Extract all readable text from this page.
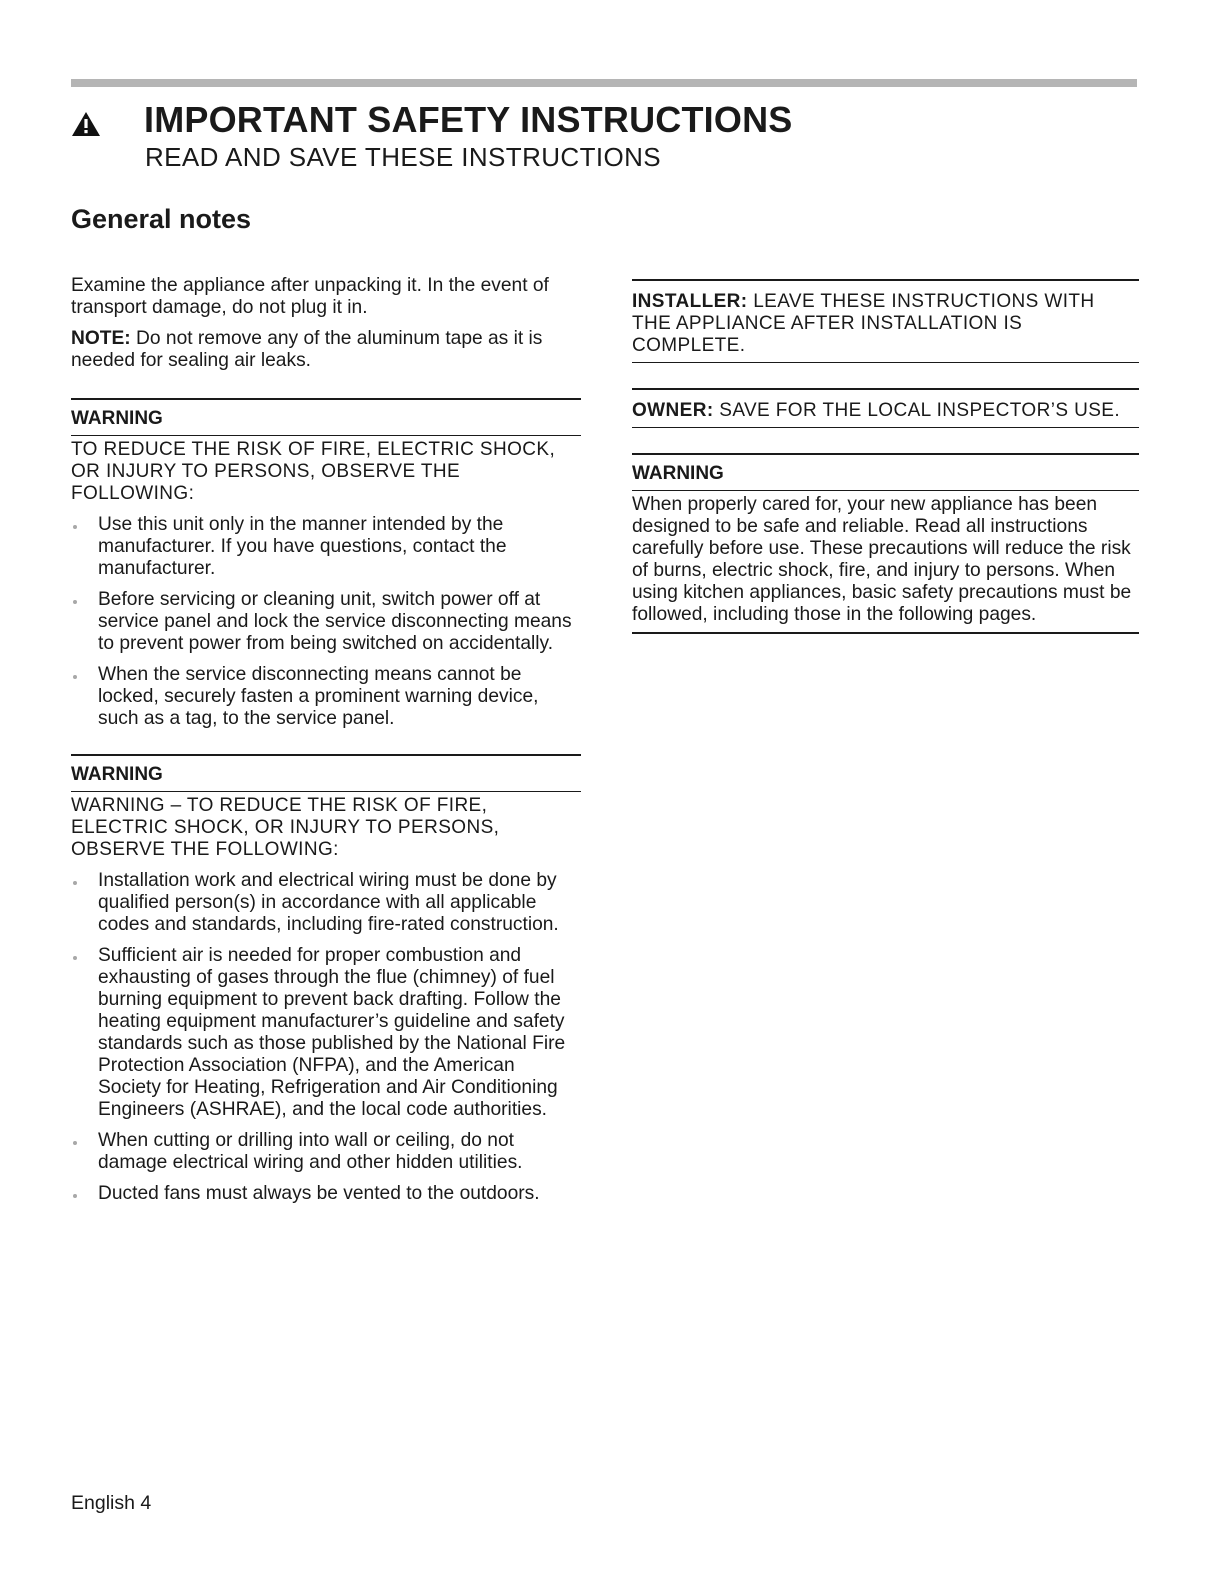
IMPORTANT SAFETY INSTRUCTIONS
READ AND SAVE THESE INSTRUCTIONS
General notes

Examine the appliance after unpacking it. In the event of transport damage, do not plug it in.

NOTE: Do not remove any of the aluminum tape as it is needed for sealing air leaks.

WARNING
TO REDUCE THE RISK OF FIRE, ELECTRIC SHOCK, OR INJURY TO PERSONS, OBSERVE THE FOLLOWING:
Use this unit only in the manner intended by the manufacturer. If you have questions, contact the manufacturer.
Before servicing or cleaning unit, switch power off at service panel and lock the service disconnecting means to prevent power from being switched on accidentally.
When the service disconnecting means cannot be locked, securely fasten a prominent warning device, such as a tag, to the service panel.
WARNING
WARNING – TO REDUCE THE RISK OF FIRE, ELECTRIC SHOCK, OR INJURY TO PERSONS, OBSERVE THE FOLLOWING:
Installation work and electrical wiring must be done by qualified person(s) in accordance with all applicable codes and standards, including fire-rated construction.
Sufficient air is needed for proper combustion and exhausting of gases through the flue (chimney) of fuel burning equipment to prevent back drafting. Follow the heating equipment manufacturer’s guideline and safety standards such as those published by the National Fire Protection Association (NFPA), and the American Society for Heating, Refrigeration and Air Conditioning Engineers (ASHRAE), and the local code authorities.
When cutting or drilling into wall or ceiling, do not damage electrical wiring and other hidden utilities.
Ducted fans must always be vented to the outdoors.
INSTALLER: LEAVE THESE INSTRUCTIONS WITH THE APPLIANCE AFTER INSTALLATION IS COMPLETE.
OWNER: SAVE FOR THE LOCAL INSPECTOR’S USE.
WARNING
When properly cared for, your new appliance has been designed to be safe and reliable. Read all instructions carefully before use. These precautions will reduce the risk of burns, electric shock, fire, and injury to persons. When using kitchen appliances, basic safety precautions must be followed, including those in the following pages.
English 4
